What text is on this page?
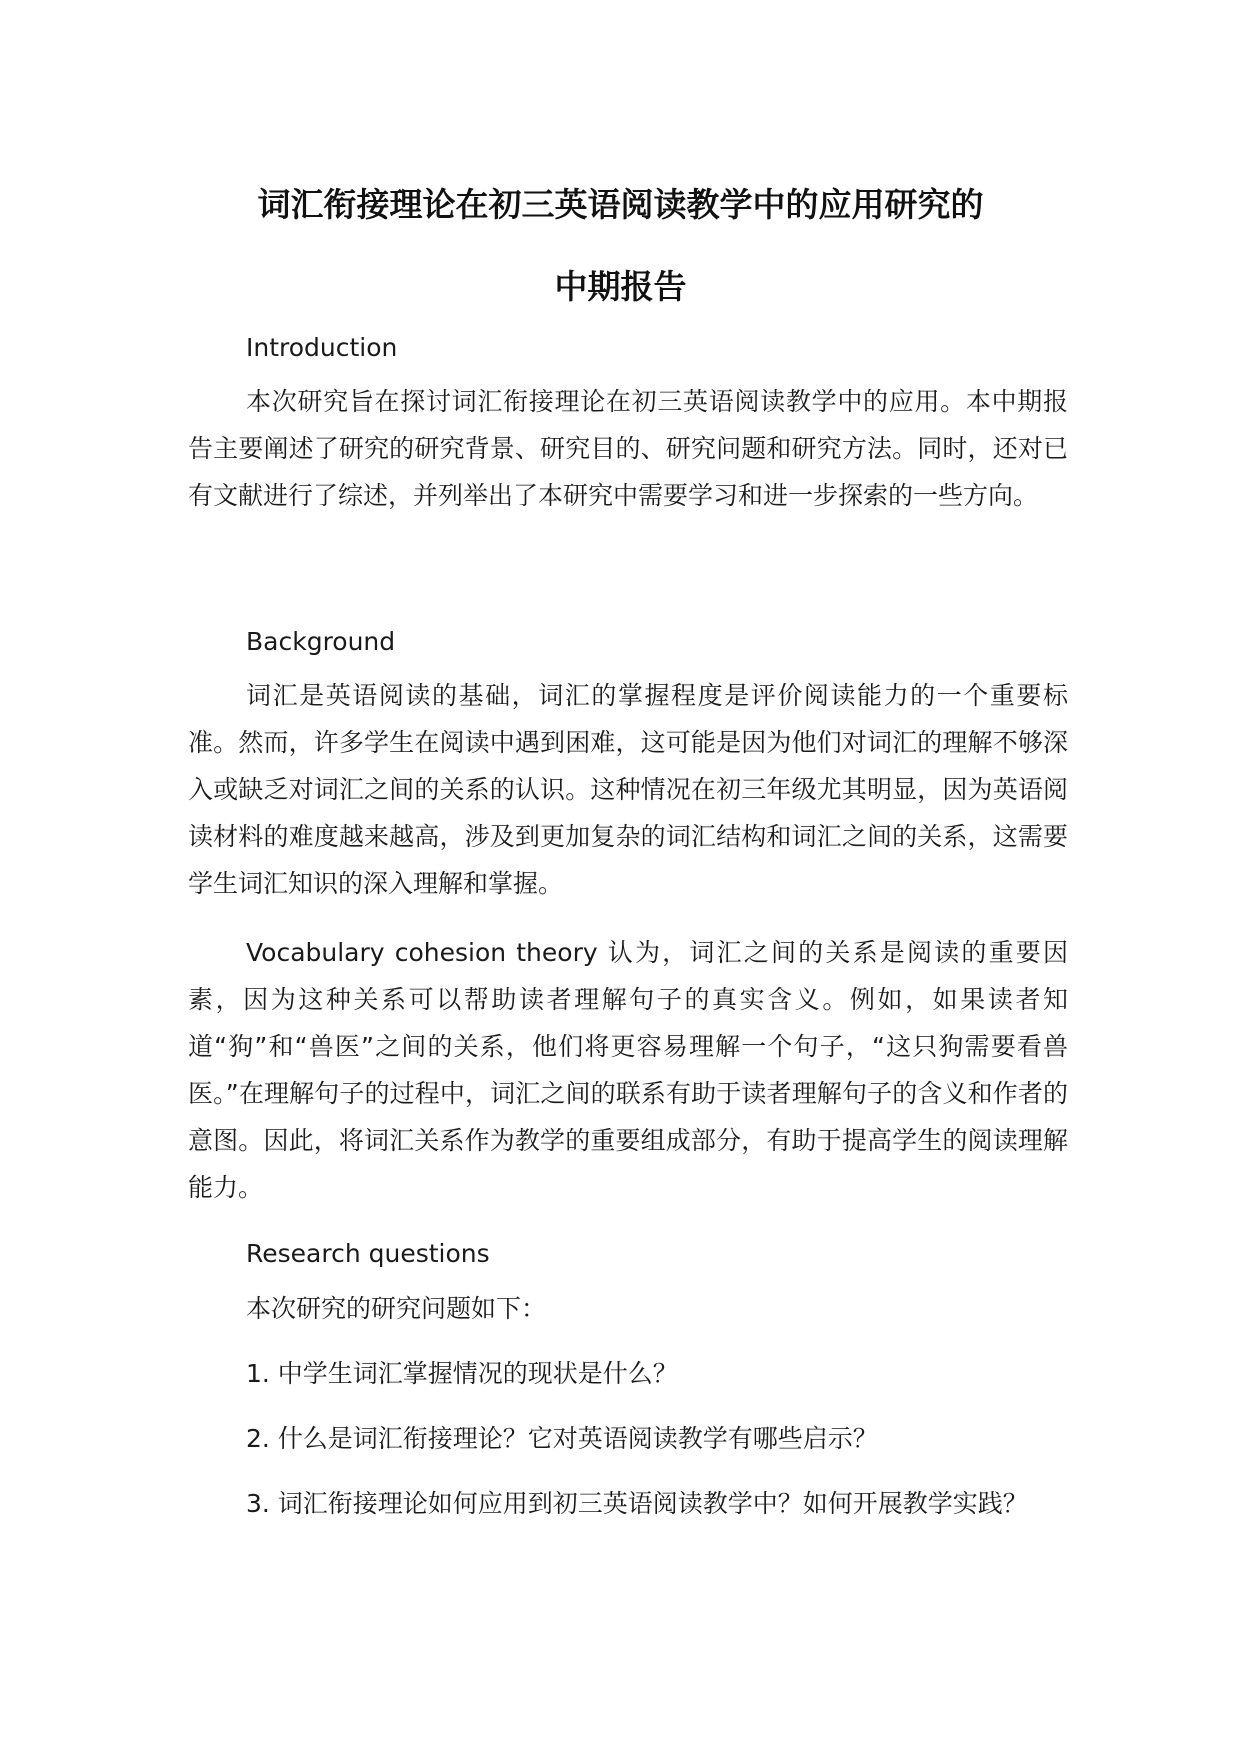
词汇衔接理论在初三英语阅读教学中的应用研究的
中期报告
Introduction

本次研究旨在探讨词汇衔接理论在初三英语阅读教学中的应用。本中期报告主要阐述了研究的研究背景、研究目的、研究问题和研究方法。同时，还对已有文献进行了综述，并列举出了本研究中需要学习和进一步探索的一些方向。

Background

词汇是英语阅读的基础，词汇的掌握程度是评价阅读能力的一个重要标准。然而，许多学生在阅读中遇到困难，这可能是因为他们对词汇的理解不够深入或缺乏对词汇之间的关系的认识。这种情况在初三年级尤其明显，因为英语阅读材料的难度越来越高，涉及到更加复杂的词汇结构和词汇之间的关系，这需要学生词汇知识的深入理解和掌握。

Vocabulary cohesion theory 认为，词汇之间的关系是阅读的重要因素，因为这种关系可以帮助读者理解句子的真实含义。例如，如果读者知道“狗”和“兽医”之间的关系，他们将更容易理解一个句子，“这只狗需要看兽医。”在理解句子的过程中，词汇之间的联系有助于读者理解句子的含义和作者的意图。因此，将词汇关系作为教学的重要组成部分，有助于提高学生的阅读理解能力。

Research questions

本次研究的研究问题如下：

1. 中学生词汇掌握情况的现状是什么？

2. 什么是词汇衔接理论？它对英语阅读教学有哪些启示？

3. 词汇衔接理论如何应用到初三英语阅读教学中？如何开展教学实践？
